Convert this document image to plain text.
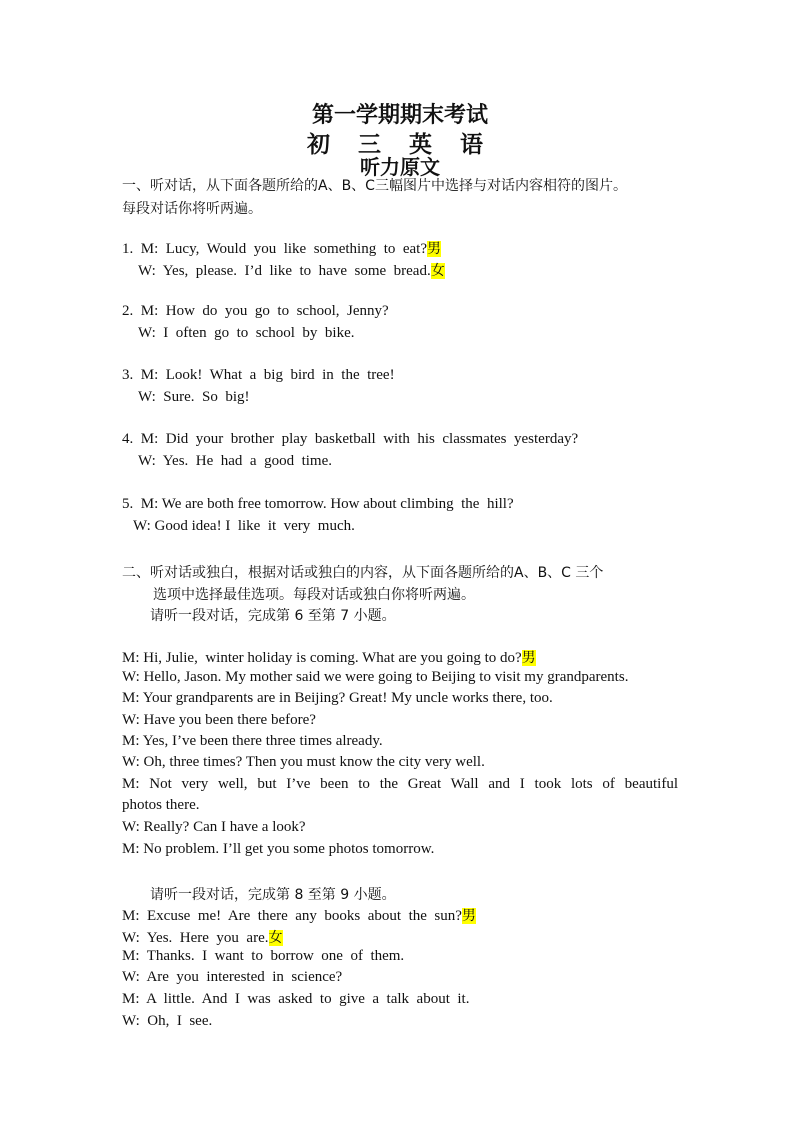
第一学期期末考试
初 三 英 语
听力原文
一、听对话，从下面各题所给的A、B、C三幅图片中选择与对话内容相符的图片。
每段对话你将听两遍。
1.  M:  Lucy,  Would  you  like  something  to  eat?男
W:  Yes,  please.  I’d  like  to  have  some  bread.女
2.  M:  How  do  you  go  to  school,  Jenny?
W:  I  often  go  to  school  by  bike.
3.  M:  Look!  What  a  big  bird  in  the  tree!
W:  Sure.  So  big!
4.  M:  Did  your  brother  play  basketball  with  his  classmates  yesterday?
W:  Yes.  He  had  a  good  time.
5.  M: We are both free tomorrow. How about climbing  the  hill?
W: Good idea! I  like  it  very  much.
二、听对话或独白，根据对话或独白的内容，从下面各题所给的A、B、C 三个
选项中选择最佳选项。每段对话或独白你将听两遍。
请听一段对话，完成第 6 至第 7 小题。
M: Hi, Julie,  winter holiday is coming. What are you going to do?男
W: Hello, Jason. My mother said we were going to Beijing to visit my grandparents.
M: Your grandparents are in Beijing? Great! My uncle works there, too.
W: Have you been there before?
M: Yes, I’ve been there three times already.
W: Oh, three times? Then you must know the city very well.
M: Not very well, but I’ve been to the Great Wall and I took lots of beautiful
photos there.
W: Really? Can I have a look?
M: No problem. I’ll get you some photos tomorrow.
请听一段对话，完成第 8 至第 9 小题。
M:  Excuse  me!  Are  there  any  books  about  the  sun?男
W:  Yes.  Here  you  are.女
M:  Thanks.  I  want  to  borrow  one  of  them.
W:  Are  you  interested  in  science?
M:  A  little.  And  I  was  asked  to  give  a  talk  about  it.
W:  Oh,  I  see.
